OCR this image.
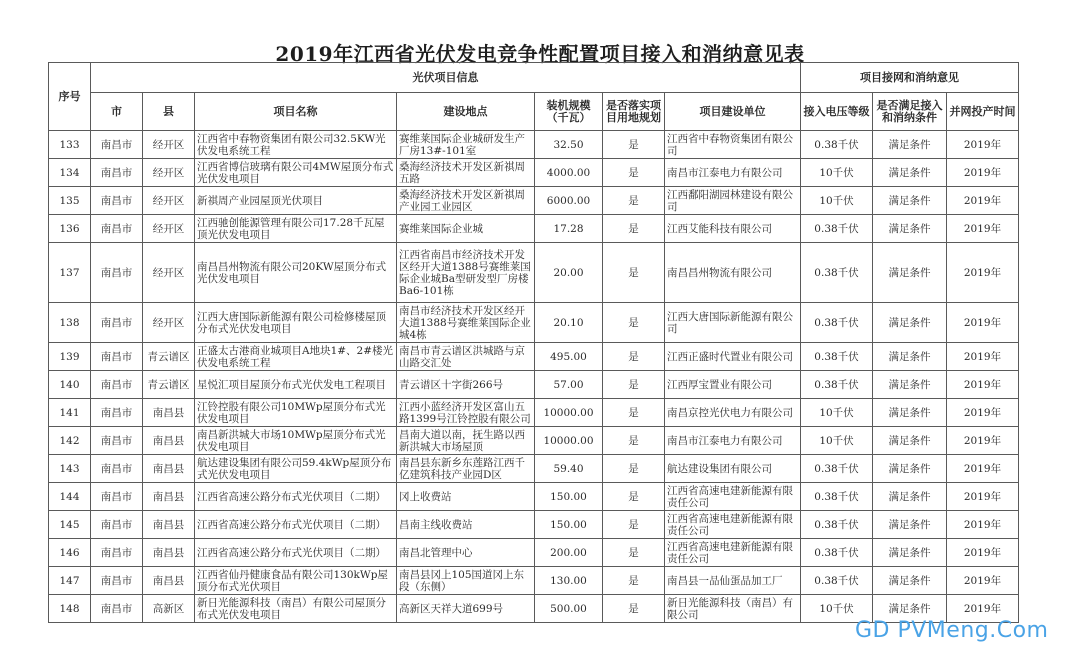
2019年江西省光伏发电竞争性配置项目接入和消纳意见表
序号	光伏项目信息							项目接网和消纳意见		
	市	县	项目名称	建设地点	装机规模（千瓦）	是否落实项目用地规划	项目建设单位	接入电压等级	是否满足接入和消纳条件	并网投产时间
133	南昌市	经开区	江西省中春物资集团有限公司32.5KW光伏发电系统工程	赛维莱国际企业城研发生产厂房13#-101室	32.50	是	江西省中春物资集团有限公司	0.38千伏	满足条件	2019年
134	南昌市	经开区	江西省博信玻璃有限公司4MW屋顶分布式光伏发电项目	桑海经济技术开发区新祺周五路	4000.00	是	南昌市江泰电力有限公司	10千伏	满足条件	2019年
135	南昌市	经开区	新祺周产业园屋顶光伏项目	桑海经济技术开发区新祺周产业园工业园区	6000.00	是	江西鄱阳湖园林建设有限公司	10千伏	满足条件	2019年
136	南昌市	经开区	江西驰创能源管理有限公司17.28千瓦屋顶光伏发电项目	赛维莱国际企业城	17.28	是	江西艾能科技有限公司	0.38千伏	满足条件	2019年
137	南昌市	经开区	南昌昌州物流有限公司20KW屋顶分布式光伏发电项目	江西省南昌市经济技术开发区经开大道1388号赛维莱国际企业城Ba型研发型厂房楼Ba6-101栋	20.00	是	南昌昌州物流有限公司	0.38千伏	满足条件	2019年
138	南昌市	经开区	江西大唐国际新能源有限公司检修楼屋顶分布式光伏发电项目	南昌市经济技术开发区经开大道1388号赛维莱国际企业城4栋	20.10	是	江西大唐国际新能源有限公司	0.38千伏	满足条件	2019年
139	南昌市	青云谱区	正盛太古港商业城项目A地块1#、2#楼光伏发电系统工程	南昌市青云谱区洪城路与京山路交汇处	495.00	是	江西正盛时代置业有限公司	0.38千伏	满足条件	2019年
140	南昌市	青云谱区	星悦汇项目屋顶分布式光伏发电工程项目	青云谱区十字街266号	57.00	是	江西厚宝置业有限公司	0.38千伏	满足条件	2019年
141	南昌市	南昌县	江铃控股有限公司10MWp屋顶分布式光伏发电项目	江西小蓝经济开发区富山五路1399号江铃控股有限公司	10000.00	是	南昌京控光伏电力有限公司	10千伏	满足条件	2019年
142	南昌市	南昌县	南昌新洪城大市场10MWp屋顶分布式光伏发电项目	昌南大道以南，抚生路以西新洪城大市场屋顶	10000.00	是	南昌市江泰电力有限公司	10千伏	满足条件	2019年
143	南昌市	南昌县	航达建设集团有限公司59.4kWp屋顶分布式光伏发电项目	南昌县东新乡东莲路江西千亿建筑科技产业园D区	59.40	是	航达建设集团有限公司	0.38千伏	满足条件	2019年
144	南昌市	南昌县	江西省高速公路分布式光伏项目（二期）	冈上收费站	150.00	是	江西省高速电建新能源有限责任公司	0.38千伏	满足条件	2019年
145	南昌市	南昌县	江西省高速公路分布式光伏项目（二期）	昌南主线收费站	150.00	是	江西省高速电建新能源有限责任公司	0.38千伏	满足条件	2019年
146	南昌市	南昌县	江西省高速公路分布式光伏项目（二期）	南昌北管理中心	200.00	是	江西省高速电建新能源有限责任公司	0.38千伏	满足条件	2019年
147	南昌市	南昌县	江西省仙丹健康食品有限公司130kWp屋顶分布式光伏项目	南昌县冈上105国道冈上东段（东侧）	130.00	是	南昌县一品仙蛋品加工厂	0.38千伏	满足条件	2019年
148	南昌市	高新区	新日光能源科技（南昌）有限公司屋顶分布式光伏发电项目	高新区天祥大道699号	500.00	是	新日光能源科技（南昌）有限公司	10千伏	满足条件	2019年
GD PVMeng.Com
